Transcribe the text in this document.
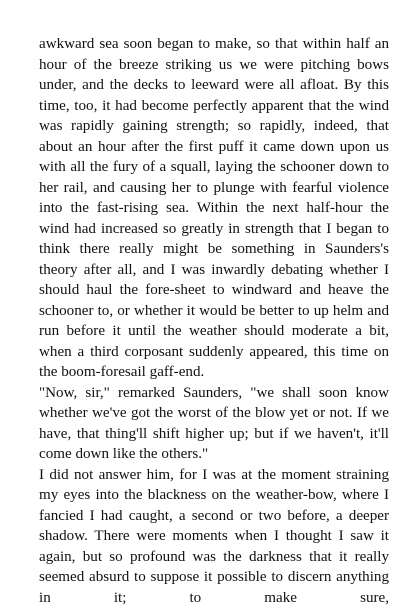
awkward sea soon began to make, so that within half an hour of the breeze striking us we were pitching bows under, and the decks to leeward were all afloat. By this time, too, it had become perfectly apparent that the wind was rapidly gaining strength; so rapidly, indeed, that about an hour after the first puff it came down upon us with all the fury of a squall, laying the schooner down to her rail, and causing her to plunge with fearful violence into the fast-rising sea. Within the next half-hour the wind had increased so greatly in strength that I began to think there really might be something in Saunders's theory after all, and I was inwardly debating whether I should haul the fore-sheet to windward and heave the schooner to, or whether it would be better to up helm and run before it until the weather should moderate a bit, when a third corposant suddenly appeared, this time on the boom-foresail gaff-end.

"Now, sir," remarked Saunders, "we shall soon know whether we've got the worst of the blow yet or not. If we have, that thing'll shift higher up; but if we haven't, it'll come down like the others."

I did not answer him, for I was at the moment straining my eyes into the blackness on the weather-bow, where I fancied I had caught, a second or two before, a deeper shadow. There were moments when I thought I saw it again, but so profound was the darkness that it really seemed absurd to suppose it possible to discern anything in it; to make sure,
